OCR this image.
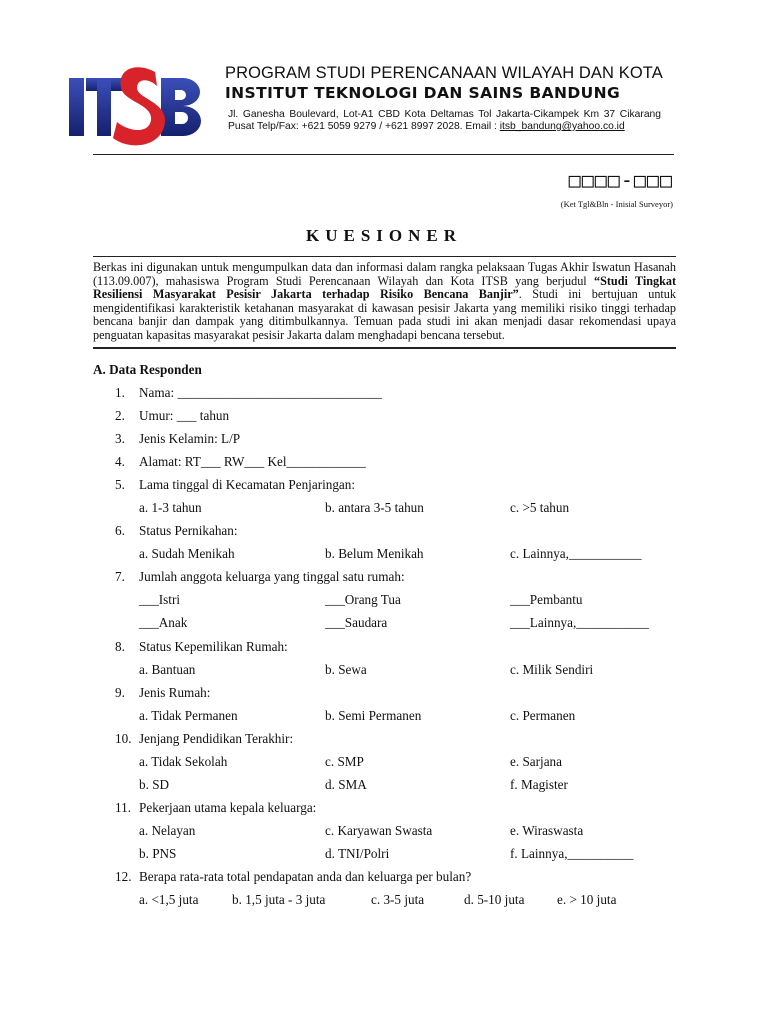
PROGRAM STUDI PERENCANAAN WILAYAH DAN KOTA
INSTITUT TEKNOLOGI DAN SAINS BANDUNG
Jl. Ganesha Boulevard, Lot-A1 CBD Kota Deltamas Tol Jakarta-Cikampek Km 37 Cikarang
Pusat Telp/Fax: +621 5059 9279 / +621 8997 2028. Email : itsb_bandung@yahoo.co.id
□□□□-□□□
(Ket Tgl&Bln - Inisial Surveyor)
KUESIONER
Berkas ini digunakan untuk mengumpulkan data dan informasi dalam rangka pelaksaan Tugas Akhir Iswatun Hasanah (113.09.007), mahasiswa Program Studi Perencanaan Wilayah dan Kota ITSB yang berjudul “Studi Tingkat Resiliensi Masyarakat Pesisir Jakarta terhadap Risiko Bencana Banjir”. Studi ini bertujuan untuk mengidentifikasi karakteristik ketahanan masyarakat di kawasan pesisir Jakarta yang memiliki risiko tinggi terhadap bencana banjir dan dampak yang ditimbulkannya. Temuan pada studi ini akan menjadi dasar rekomendasi upaya penguatan kapasitas masyarakat pesisir Jakarta dalam menghadapi bencana tersebut.
A. Data Responden
1.	Nama: _______________________________
2.	Umur: ___ tahun
3.	Jenis Kelamin: L/P
4.	Alamat: RT___ RW___ Kel____________
5.	Lama tinggal di Kecamatan Penjaringan:
a. 1-3 tahun	b. antara 3-5 tahun	c. >5 tahun
6.	Status Pernikahan:
a. Sudah Menikah	b. Belum Menikah	c. Lainnya,___________
7.	Jumlah anggota keluarga yang tinggal satu rumah:
___Istri	___Orang Tua	___Pembantu
___Anak	___Saudara	___Lainnya,___________
8.	Status Kepemilikan Rumah:
a. Bantuan	b. Sewa	c. Milik Sendiri
9.	Jenis Rumah:
a. Tidak Permanen	b. Semi Permanen	c. Permanen
10. Jenjang Pendidikan Terakhir:
a. Tidak Sekolah	c. SMP	e. Sarjana
b. SD	d. SMA	f. Magister
11. Pekerjaan utama kepala keluarga:
a. Nelayan	c. Karyawan Swasta	e. Wiraswasta
b. PNS	d. TNI/Polri	f. Lainnya,__________
12. Berapa rata-rata total pendapatan anda dan keluarga per bulan?
a. <1,5 juta	b. 1,5 juta - 3 juta	c. 3-5 juta	d. 5-10 juta e. > 10 juta
